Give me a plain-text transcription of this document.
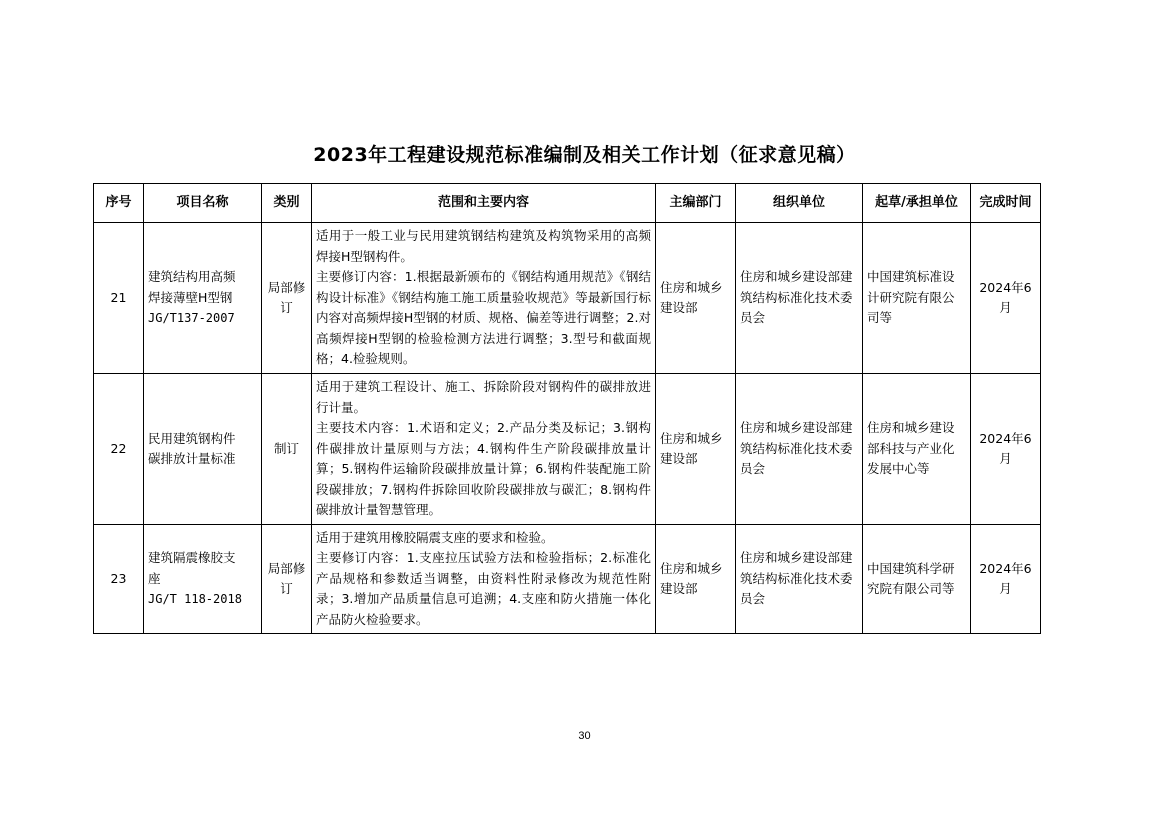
2023年工程建设规范标准编制及相关工作计划（征求意见稿）
序号	项目名称	类别	范围和主要内容	主编部门	组织单位	起草/承担单位	完成时间
21	建筑结构用高频
焊接薄壁H型钢
JG/T137-2007	局部修订	适用于一般工业与民用建筑钢结构建筑及构筑物采用的高频焊接H型钢构件。
主要修订内容：1.根据最新颁布的《钢结构通用规范》《钢结构设计标准》《钢结构施工施工质量验收规范》等最新国行标内容对高频焊接H型钢的材质、规格、偏差等进行调整；2.对高频焊接H型钢的检验检测方法进行调整；3.型号和截面规格；4.检验规则。	住房和城乡建设部	住房和城乡建设部建筑结构标准化技术委员会	中国建筑标准设计研究院有限公司等	2024年6月
22	民用建筑钢构件
碳排放计量标准	制订	适用于建筑工程设计、施工、拆除阶段对钢构件的碳排放进行计量。
主要技术内容：1.术语和定义；2.产品分类及标记；3.钢构件碳排放计量原则与方法；4.钢构件生产阶段碳排放量计算；5.钢构件运输阶段碳排放量计算；6.钢构件装配施工阶段碳排放；7.钢构件拆除回收阶段碳排放与碳汇；8.钢构件碳排放计量智慧管理。	住房和城乡建设部	住房和城乡建设部建筑结构标准化技术委员会	住房和城乡建设部科技与产业化发展中心等	2024年6月
23	建筑隔震橡胶支
座
JG/T 118-2018	局部修订	适用于建筑用橡胶隔震支座的要求和检验。
主要修订内容：1.支座拉压试验方法和检验指标；2.标准化产品规格和参数适当调整，由资料性附录修改为规范性附录；3.增加产品质量信息可追溯；4.支座和防火措施一体化产品防火检验要求。	住房和城乡建设部	住房和城乡建设部建筑结构标准化技术委员会	中国建筑科学研究院有限公司等	2024年6月
30
